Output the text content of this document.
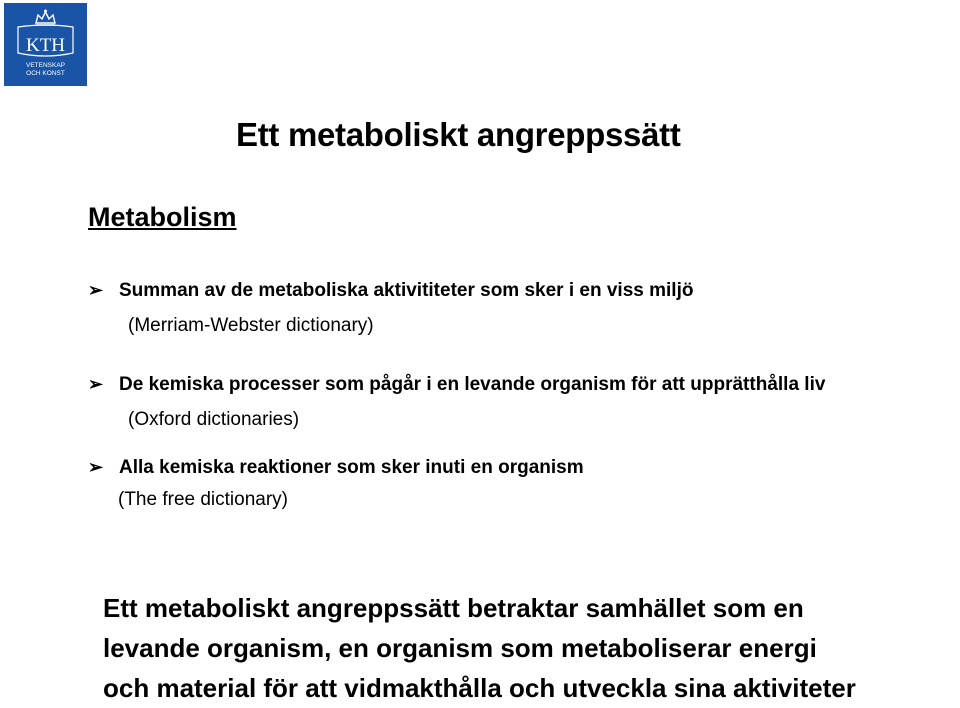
KTH
VETENSKAP
OCH KONST
Ett metaboliskt angreppssätt
Metabolism
➢ Summan av de metaboliska aktivititeter som sker i en viss miljö
(Merriam-Webster dictionary)
➢ De kemiska processer som pågår i en levande organism för att upprätthålla liv
(Oxford dictionaries)
➢ Alla kemiska reaktioner som sker inuti en organism
(The free dictionary)
Ett metaboliskt angreppssätt betraktar samhället som en
levande organism, en organism som metaboliserar energi
och material för att vidmakthålla och utveckla sina aktiviteter
